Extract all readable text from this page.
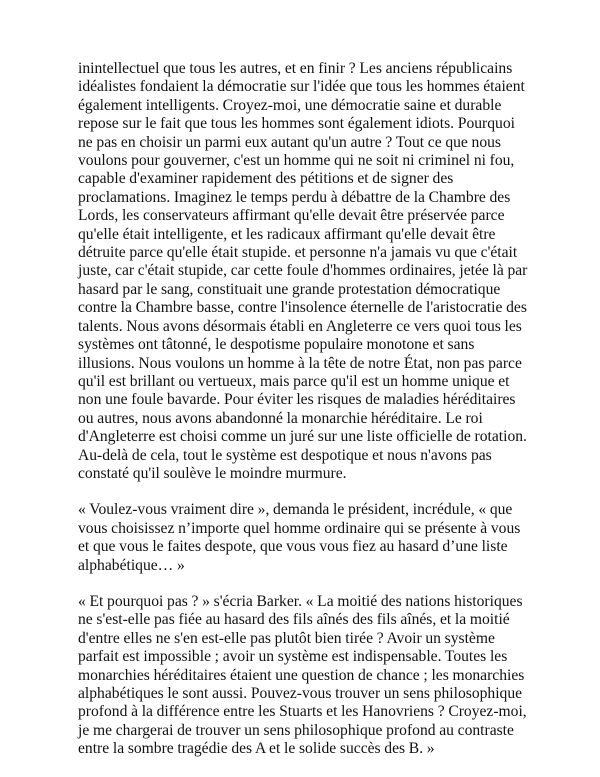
inintellectuel que tous les autres, et en finir ? Les anciens républicains idéalistes fondaient la démocratie sur l'idée que tous les hommes étaient également intelligents. Croyez-moi, une démocratie saine et durable repose sur le fait que tous les hommes sont également idiots. Pourquoi ne pas en choisir un parmi eux autant qu'un autre ? Tout ce que nous voulons pour gouverner, c'est un homme qui ne soit ni criminel ni fou, capable d'examiner rapidement des pétitions et de signer des proclamations. Imaginez le temps perdu à débattre de la Chambre des Lords, les conservateurs affirmant qu'elle devait être préservée parce qu'elle était intelligente, et les radicaux affirmant qu'elle devait être détruite parce qu'elle était stupide. et personne n'a jamais vu que c'était juste, car c'était stupide, car cette foule d'hommes ordinaires, jetée là par hasard par le sang, constituait une grande protestation démocratique contre la Chambre basse, contre l'insolence éternelle de l'aristocratie des talents. Nous avons désormais établi en Angleterre ce vers quoi tous les systèmes ont tâtonné, le despotisme populaire monotone et sans illusions. Nous voulons un homme à la tête de notre État, non pas parce qu'il est brillant ou vertueux, mais parce qu'il est un homme unique et non une foule bavarde. Pour éviter les risques de maladies héréditaires ou autres, nous avons abandonné la monarchie héréditaire. Le roi d'Angleterre est choisi comme un juré sur une liste officielle de rotation. Au-delà de cela, tout le système est despotique et nous n'avons pas constaté qu'il soulève le moindre murmure.

« Voulez-vous vraiment dire », demanda le président, incrédule, « que vous choisissez n’importe quel homme ordinaire qui se présente à vous et que vous le faites despote, que vous vous fiez au hasard d’une liste alphabétique… »

« Et pourquoi pas ? » s'écria Barker. « La moitié des nations historiques ne s'est-elle pas fiée au hasard des fils aînés des fils aînés, et la moitié d'entre elles ne s'en est-elle pas plutôt bien tirée ? Avoir un système parfait est impossible ; avoir un système est indispensable. Toutes les monarchies héréditaires étaient une question de chance ; les monarchies alphabétiques le sont aussi. Pouvez-vous trouver un sens philosophique profond à la différence entre les Stuarts et les Hanovriens ? Croyez-moi, je me chargerai de trouver un sens philosophique profond au contraste entre la sombre tragédie des A et le solide succès des B. »
